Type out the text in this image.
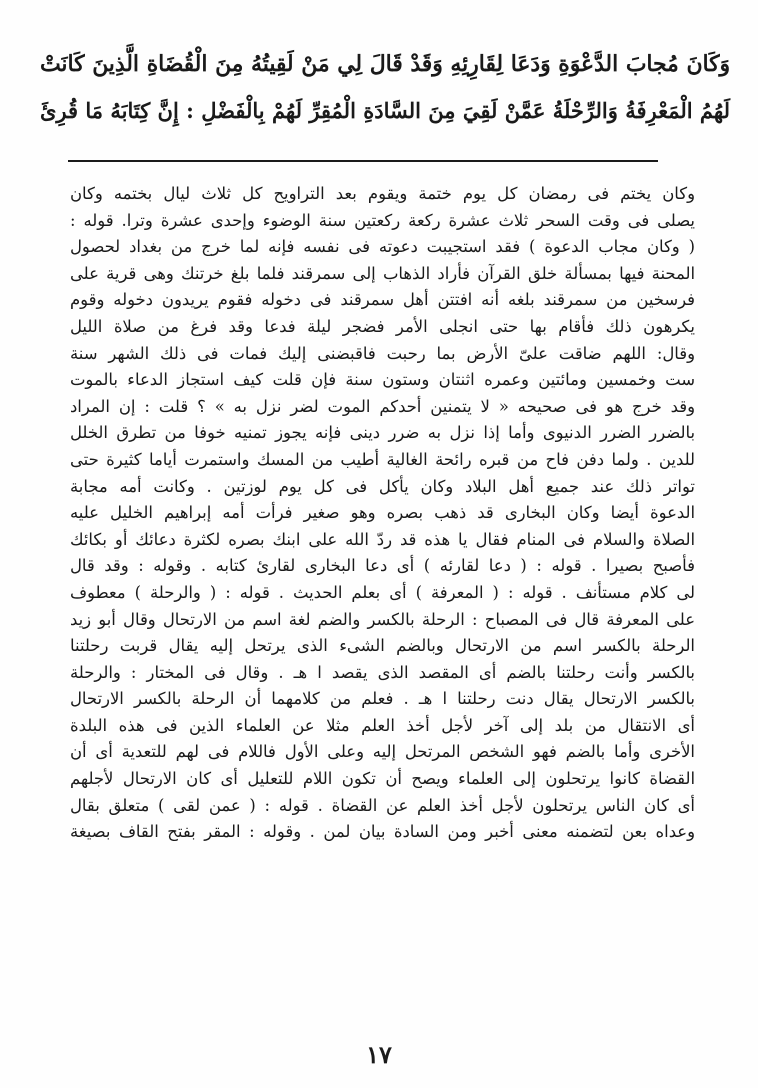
وَكَانَ مُجابَ الدَّعْوَةِ وَدَعَا لِقَارِئِهِ وَقَدْ قَالَ لِي مَنْ لَقِيتُهُ مِنَ الْقُضَاةِ الَّذِينَ كَانَتْ
لَهُمُ الْمَعْرِفَةُ وَالرِّحْلَةُ عَمَّنْ لَقِيَ مِنَ السَّادَةِ الْمُقِرِّ لَهُمْ بِالْفَضْلِ : إِنَّ كِتَابَهُ مَا قُرِئَ
وكان يختم فى رمضان كل يوم ختمة ويقوم بعد التراويح كل ثلاث ليال بختمه وكان
يصلى فى وقت السحر ثلاث عشرة ركعة ركعتين سنة الوضوء وإحدى عشرة وترا. قوله :
( وكان مجاب الدعوة ) فقد استجيبت دعوته فى نفسه فإنه لما خرج من بغداد لحصول
المحنة فيها بمسألة خلق القرآن فأراد الذهاب إلى سمرقند فلما بلغ خرتنك وهى قرية على
فرسخين من سمرقند بلغه أنه افتتن أهل سمرقند فى دخوله فقوم يريدون دخوله وقوم
يكرهون ذلك فأقام بها حتى انجلى الأمر فضجر ليلة فدعا وقد فرغ من صلاة الليل
وقال: اللهم ضاقت علىّ الأرض بما رحبت فاقبضنى إليك فمات فى ذلك الشهر سنة
ست وخمسين ومائتين وعمره اثنتان وستون سنة فإن قلت كيف استجاز الدعاء بالموت
وقد خرج هو فى صحيحه « لا يتمنين أحدكم الموت لضر نزل به » ؟ قلت : إن المراد
بالضرر الضرر الدنيوى وأما إذا نزل به ضرر دينى فإنه يجوز تمنيه خوفا من تطرق الخلل
للدين . ولما دفن فاح من قبره رائحة الغالية أطيب من المسك واستمرت أياما كثيرة حتى
تواتر ذلك عند جميع أهل البلاد وكان يأكل فى كل يوم لوزتين . وكانت أمه مجابة
الدعوة أيضا وكان البخارى قد ذهب بصره وهو صغير فرأت أمه إبراهيم الخليل عليه
الصلاة والسلام فى المنام فقال يا هذه قد ردّ الله على ابنك بصره لكثرة دعائك أو بكائك
فأصبح بصيرا . قوله : ( دعا لقارئه ) أى دعا البخارى لقارئ كتابه . وقوله : وقد قال
لى كلام مستأنف . قوله : ( المعرفة ) أى بعلم الحديث . قوله : ( والرحلة ) معطوف
على المعرفة قال فى المصباح : الرحلة بالكسر والضم لغة اسم من الارتحال وقال أبو زيد
الرحلة بالكسر اسم من الارتحال وبالضم الشىء الذى يرتحل إليه يقال قربت رحلتنا
بالكسر وأنت رحلتنا بالضم أى المقصد الذى يقصد ا هـ . وقال فى المختار : والرحلة
بالكسر الارتحال يقال دنت رحلتنا ا هـ . فعلم من كلامهما أن الرحلة بالكسر الارتحال
أى الانتقال من بلد إلى آخر لأجل أخذ العلم مثلا عن العلماء الذين فى هذه البلدة
الأخرى وأما بالضم فهو الشخص المرتحل إليه وعلى الأول فاللام فى لهم للتعدية أى أن
القضاة كانوا يرتحلون إلى العلماء ويصح أن تكون اللام للتعليل أى كان الارتحال لأجلهم
أى كان الناس يرتحلون لأجل أخذ العلم عن القضاة . قوله : ( عمن لقى ) متعلق بقال
وعداه بعن لتضمنه معنى أخبر ومن السادة بيان لمن . وقوله : المقر بفتح القاف بصيغة
١٧
